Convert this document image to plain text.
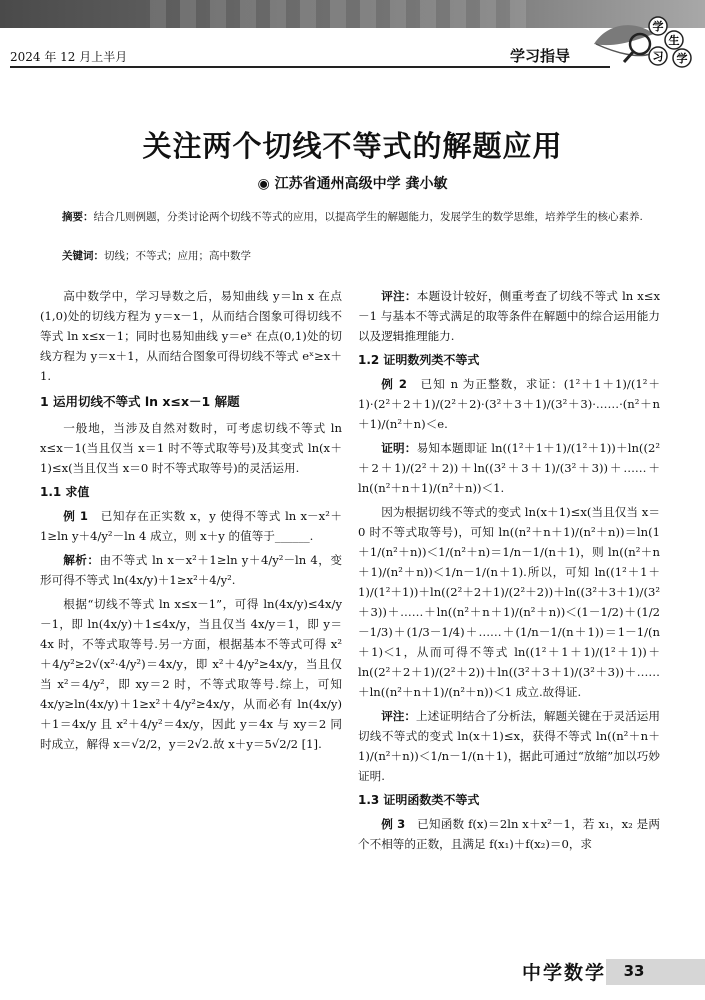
2024 年 12 月上半月	学习指导
学
生
习 学
关注两个切线不等式的解题应用
◉ 江苏省通州高级中学 龚小敏
摘要：结合几则例题，分类讨论两个切线不等式的应用，以提高学生的解题能力，发展学生的数学思维，培养学生的核心素养.
关键词：切线；不等式；应用；高中数学

高中数学中，学习导数之后，易知曲线 y＝ln x 在点(1,0)处的切线方程为 y＝x－1，从而结合图象可得切线不等式 ln x≤x－1；同时也易知曲线 y＝eˣ 在点(0,1)处的切线方程为 y＝x＋1，从而结合图象可得切线不等式 eˣ≥x＋1.

1 运用切线不等式 ln x≤x－1 解题

一般地，当涉及自然对数时，可考虑切线不等式 ln x≤x－1(当且仅当 x＝1 时不等式取等号)及其变式 ln(x＋1)≤x(当且仅当 x＝0 时不等式取等号)的灵活运用.

1.1 求值

例 1　 已知存在正实数 x，y 使得不等式 ln x－x²＋1≥ln y＋4/y²－ln 4 成立，则 x＋y 的值等于______.

解析：由不等式 ln x－x²＋1≥ln y＋4/y²－ln 4，变形可得不等式 ln(4x/y)＋1≥x²＋4/y².

根据“切线不等式 ln x≤x－1”，可得 ln(4x/y)≤4x/y－1，即 ln(4x/y)＋1≤4x/y，当且仅当 4x/y＝1，即 y＝4x 时，不等式取等号.另一方面，根据基本不等式可得 x²＋4/y²≥2√(x²·4/y²)＝4x/y，即 x²＋4/y²≥4x/y，当且仅当 x²＝4/y²，即 xy＝2 时，不等式取等号.综上，可知 4x/y≥ln(4x/y)＋1≥x²＋4/y²≥4x/y，从而必有 ln(4x/y)＋1＝4x/y 且 x²＋4/y²＝4x/y，因此 y＝4x 与 xy＝2 同时成立，解得 x＝√2/2，y＝2√2.故 x＋y＝5√2/2 [1].

评注：本题设计较好，侧重考查了切线不等式 ln x≤x－1 与基本不等式满足的取等条件在解题中的综合运用能力以及逻辑推理能力.

1.2 证明数列类不等式

例 2　 已知 n 为正整数，求证：(1²＋1＋1)/(1²＋1)·(2²＋2＋1)/(2²＋2)·(3²＋3＋1)/(3²＋3)·……·(n²＋n＋1)/(n²＋n)＜e.

证明：易知本题即证 ln((1²＋1＋1)/(1²＋1))＋ln((2²＋2＋1)/(2²＋2))＋ln((3²＋3＋1)/(3²＋3))＋……＋ln((n²＋n＋1)/(n²＋n))＜1.

因为根据切线不等式的变式 ln(x＋1)≤x(当且仅当 x＝0 时不等式取等号)，可知 ln((n²＋n＋1)/(n²＋n))＝ln(1＋1/(n²＋n))＜1/(n²＋n)＝1/n－1/(n＋1)，则 ln((n²＋n＋1)/(n²＋n))＜1/n－1/(n＋1).所以，可知 ln((1²＋1＋1)/(1²＋1))＋ln((2²＋2＋1)/(2²＋2))＋ln((3²＋3＋1)/(3²＋3))＋……＋ln((n²＋n＋1)/(n²＋n))＜(1－1/2)＋(1/2－1/3)＋(1/3－1/4)＋……＋(1/n－1/(n＋1))＝1－1/(n＋1)＜1，从而可得不等式 ln((1²＋1＋1)/(1²＋1))＋ln((2²＋2＋1)/(2²＋2))＋ln((3²＋3＋1)/(3²＋3))＋……＋ln((n²＋n＋1)/(n²＋n))＜1 成立.故得证.

评注：上述证明结合了分析法，解题关键在于灵活运用切线不等式的变式 ln(x＋1)≤x，获得不等式 ln((n²＋n＋1)/(n²＋n))＜1/n－1/(n＋1)，据此可通过“放缩”加以巧妙证明.

1.3 证明函数类不等式

例 3　 已知函数 f(x)＝2ln x＋x²－1，若 x₁，x₂ 是两个不相等的正数，且满足 f(x₁)＋f(x₂)＝0，求

中学数学	33
